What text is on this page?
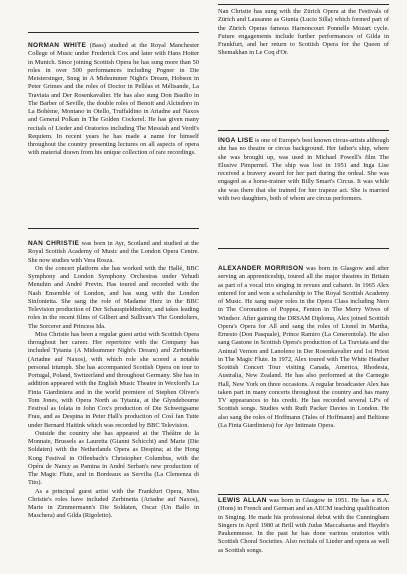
NORMAN WHITE (Bass) studied at the Royal Manchester College of Music under Frederick Cox and later with Hans Hotter in Munich. Since joining Scottish Opera he has sung more than 50 roles in over 500 performances including Pogner in Die Meistersinger, Snug in A Midsummer Night's Dream, Hobson in Peter Grimes and the roles of Doctor in Pelléas et Mélisande, La Traviata and Der Rosenkavalier. He has also sung Don Basilio in The Barber of Seville, the double roles of Benoit and Alcindoro in La Bohème, Montano in Otello, Truffaldino in Ariadne auf Naxos and General Polkan in The Golden Cockerel. He has given many recitals of Lieder and Oratorios including The Messiah and Verdi's Requiem. In recent years he has made a name for himself throughout the country presenting lectures on all aspects of opera with material drawn from his unique collection of rare recordings.

NAN CHRISTIE was born in Ayr, Scotland and studied at the Royal Scottish Academy of Music and the London Opera Centre. She now studies with Vera Rosza.

On the concert platform she has worked with the Hallé, BBC Symphony and London Symphony Orchestras under Yehudi Menuhin and André Previn. Has toured and recorded with the Nash Ensemble of London, and has sung with the London Sinfonietta. She sang the role of Madame Herz in the BBC Television production of Der Schauspieldirektor, and takes leading roles in the recent films of Gilbert and Sullivan's The Gondoliers, The Sorcerer and Princess Ida.

Miss Christie has been a regular guest artist with Scottish Opera throughout her career. Her repertoire with the Company has included Tytania (A Midsummer Night's Dream) and Zerbinetta (Ariadne auf Naxos), with which role she scored a notable personal triumph. She has accompanied Scottish Opera on tour to Portugal, Poland, Switzerland and throughout Germany. She has in addition appeared with the English Music Theatre in Wexford's La Finta Giardiniera and in the world premiere of Stephen Oliver's Tom Jones, with Opera North as Tytania, at the Glyndebourne Festival as Iolata in John Cox's production of Die Schweigsame Frau, and as Despina in Peter Hall's production of Così fan Tutte under Bernard Haitink which was recorded by BBC Television.

Outside the country she has appeared at the Théâtre de la Monnaie, Brussels as Lauretta (Gianni Schicchi) and Marie (Die Soldaten) with the Netherlands Opera as Despina; at the Hong Kong Festival in Offenbach's Christopher Columbus, with the Opéra de Nancy as Pamina in André Serban's new production of The Magic Flute, and in Bordeaux as Servilia (La Clemenza di Tito).

As a principal guest artist with the Frankfurt Opera, Miss Christie's roles have included Zerbinetta (Ariadne auf Naxos), Marie in Zimmermann's Die Soldaten, Oscar (Un Ballo in Maschera) and Gilda (Rigoletto).

Nan Christie has sung with the Zürich Opera at the Festivals of Zürich and Lausanne as Giunia (Lucio Silla) which formed part of the Zürich Operas famous Harnoncourt Ponnelle Mozart cycle. Future engagements include further performances of Gilda in Frankfurt, and her return to Scottish Opera for the Queen of Shemakhan in Le Coq d'Or.

INGA LISE is one of Europe's best known circus-artists although she has no theatre or circus background. Her father's ship, where she was brought up, was used in Michael Powell's film The Elusive Pimpernel. The ship was lost in 1951 and Inga Lise received a bravery award for her part during the ordeal. She was engaged as a horse-trainer with Billy Smart's Circus. It was while she was there that she trained for her trapeze act. She is married with two daughters, both of whom are circus performers.

ALEXANDER MORRISON was born in Glasgow and after serving an apprenticeship, toured all the major theatres in Britain as part of a vocal trio singing in revues and cabaret. In 1965 Alex entered for and won a scholarship to The Royal Scottish Academy of Music. He sang major roles in the Opera Class including Nero in The Coronation of Poppea, Fenton in The Merry Wives of Windsor. After gaining the DRSAM Diploma, Alex joined Scottish Opera's Opera for All and sang the roles of Lionel in Martha, Ernesto (Don Pasquale), Prince Ramiro (La Cenerentola). He also sang Gastone in Scottish Opera's production of La Traviata and the Animal Vernon and Lanoleno in Der Rosenkavalier and 1st Priest in The Magic Flute. In 1972, Alex toured with The White Heather Scottish Concert Tour visiting Canada, America, Rhodesia, Australia, New Zealand. He has also performed at the Carnegie Hall, New York on three occasions. A regular broadcaster Alex has taken part in many concerts throughout the country and has many TV appearances to his credit. He has recorded several LP's of Scottish songs. Studies with Ruth Packer Davies in London. He also sang the roles of Hoffmann (Tales of Hoffmann) and Beltione (La Finta Giardiniera) for Ayr Intimate Opera.

LEWIS ALLAN was born in Glasgow in 1951. He has a B.A. (Hons) in French and German and an AECM teaching qualification in Singing. He made his professional debut with the Cunningham Singers in April 1980 at Brill with Judas Maccabaeus and Haydn's Paukenmesse. In the past he has done various oratorios with Scottish Choral Societies. Also recitals of Lieder and opera as well as Scottish songs.
